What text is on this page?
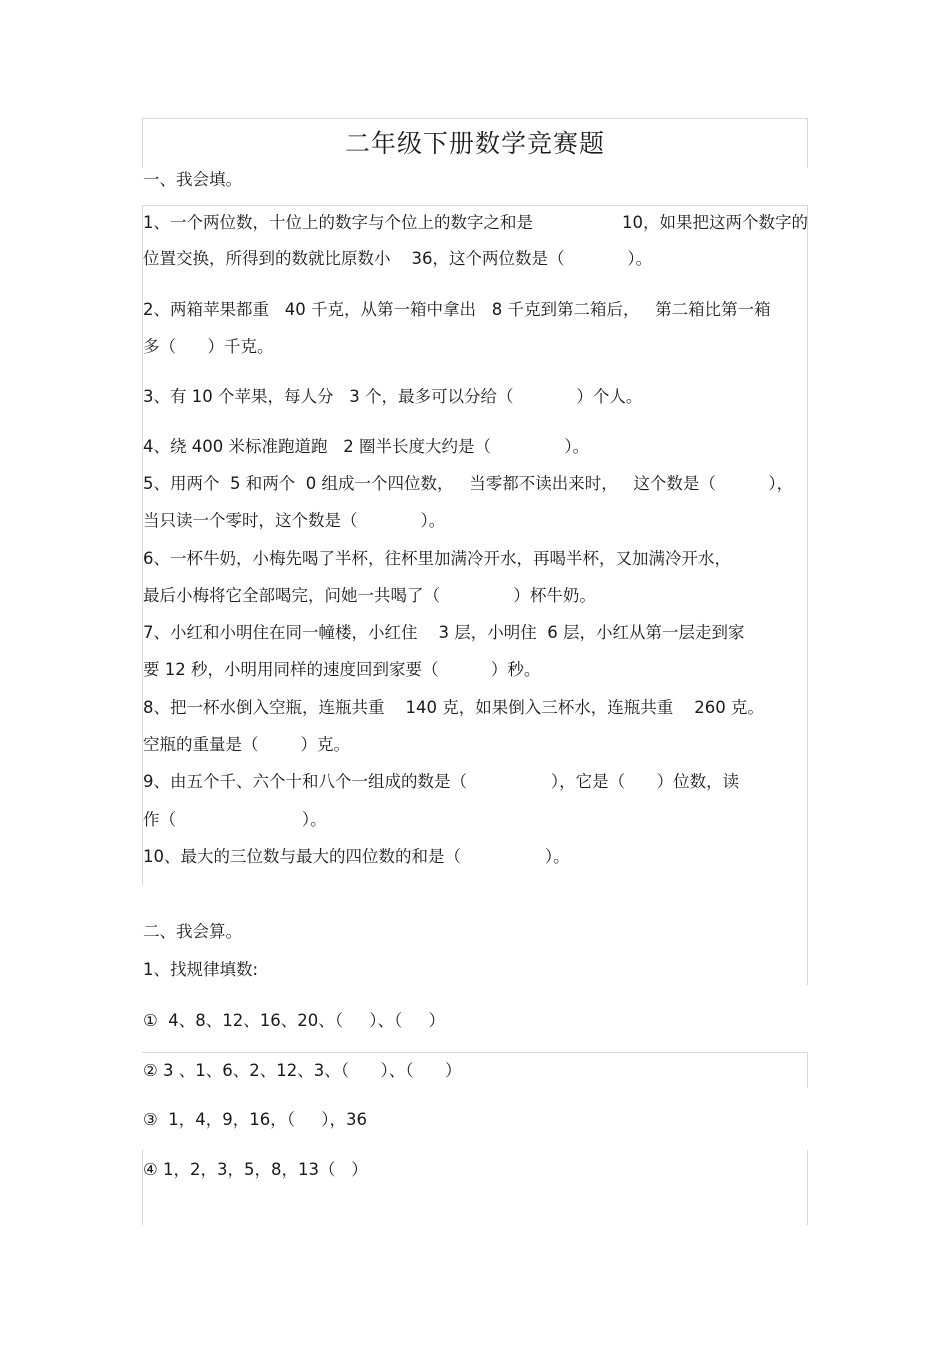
二年级下册数学竞赛题
一、我会填。
1、一个两位数，十位上的数字与个位上的数字之和是	10，如果把这两个数字的
位置交换，所得到的数就比原数小    36，这个两位数是（            ）。
2、两箱苹果都重   40 千克，从第一箱中拿出   8 千克到第二箱后，   第二箱比第一箱
多（      ）千克。
3、有 10 个苹果，每人分   3 个，最多可以分给（            ）个人。
4、绕 400 米标准跑道跑   2 圈半长度大约是（              ）。
5、用两个  5 和两个  0 组成一个四位数，   当零都不读出来时，   这个数是（          ），
当只读一个零时，这个数是（            ）。
6、一杯牛奶，小梅先喝了半杯，往杯里加满冷开水，再喝半杯，又加满冷开水，
最后小梅将它全部喝完，问她一共喝了（              ）杯牛奶。
7、小红和小明住在同一幢楼，小红住    3 层，小明住  6 层，小红从第一层走到家
要 12 秒，小明用同样的速度回到家要（          ）秒。
8、把一杯水倒入空瓶，连瓶共重    140 克，如果倒入三杯水，连瓶共重    260 克。
空瓶的重量是（        ）克。
9、由五个千、六个十和八个一组成的数是（                ），它是（      ）位数，读
作（                        ）。
10、最大的三位数与最大的四位数的和是（                ）。
二、我会算。
1、找规律填数:
①  4、8、12、16、20、（     ）、（     ）
② 3 、1、6、2、12、3、（      ）、（      ）
③  1，4，9，16，（     ），36
④ 1，2，3，5，8，13（   ）
